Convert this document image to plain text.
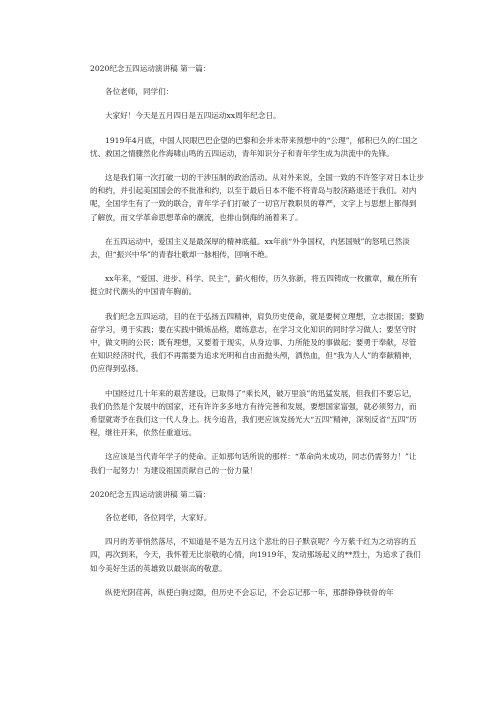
2020纪念五四运动演讲稿 第一篇：

各位老师，同学们：

大家好！今天是五月四日是五四运动xx周年纪念日。

1919年4月底，中国人民眼巴巴企望的巴黎和会并未带来预想中的“公理”，郁积已久的仁国之忧、救国之情骤然化作海啸山鸣的五四运动，青年知识分子和青年学生成为洪流中的先锋。

这是我们第一次打破一切的干涉压制的政治活动。从对外来说，全国一致的不许签字对日本让步的和约，并引起美国国会的不批准和约，以至于最后日本不能不将青岛与胶济路退还于我们。对内呢，全国学生有了一致的联合，青年学子们打破了一切官厅教职员的尊严，文字上与思想上都得到了解放，而文学革命思想革命的潮流，也排山倒海的涌着来了。

在五四运动中，爱国主义是最深厚的精神底蕴。xx年前“外争国权，内惩国贼”的怒吼已然淡去，但“振兴中华”的青春壮歌却一脉相传，回响不绝。

xx年来，“爱国、进步、科学、民主”，薪火相传，历久弥新，将五四铸成一枚徽章，戴在所有挺立时代潮头的中国青年胸前。

我们纪念五四运动，目的在于弘扬五四精神，肩负历史使命，就是要树立理想，立志报国；要勤奋学习，勇于实践；要在实践中锻炼品格，磨练意志，在学习文化知识的同时学习做人；要坚守时中，做文明的公民；既有理想，又要着于现实，从身边事、力所能及的事做起；要勇于奉献，尽管在知识经济时代，我们不再需要为追求光明和自由而抛头颅，洒热血，但“我为人人”的奉献精神，仍应得到弘扬。

中国经过几十年来的艰苦建设，已取得了“乘长风，破万里浪”的迅猛发展，但我们不要忘记，我们仍然是个发展中的国家，还有许许多多地方有待完善和发展，要想国家富强，就必须努力，而希望就寄予在我们这一代人身上。抚今追昔，我们更应该发扬光大“五四”精神，深刻反省“五四”历程，继往开来，依然任重道远。

这应该是当代青年学子的使命。正如那句话所说的那样：“革命尚未成功，同志仍需努力！”让我们一起努力！为建设祖国贡献自己的一份力量！

2020纪念五四运动演讲稿 第二篇：

各位老师，各位同学，大家好。

四月的芳菲悄然落尽，不知道是不是为五月这个悲壮的日子默哀呢？今万紫千红为之动容的五四，再次到来，今天，我怀着无比崇敬的心情，向1919年，发动那场起义的**烈士，为追求了我们如今美好生活的英雄致以最崇高的敬意。

纵使光阴荏苒，纵使白驹过隙，但历史不会忘记，不会忘记那一年，那群铮铮铁骨的年
